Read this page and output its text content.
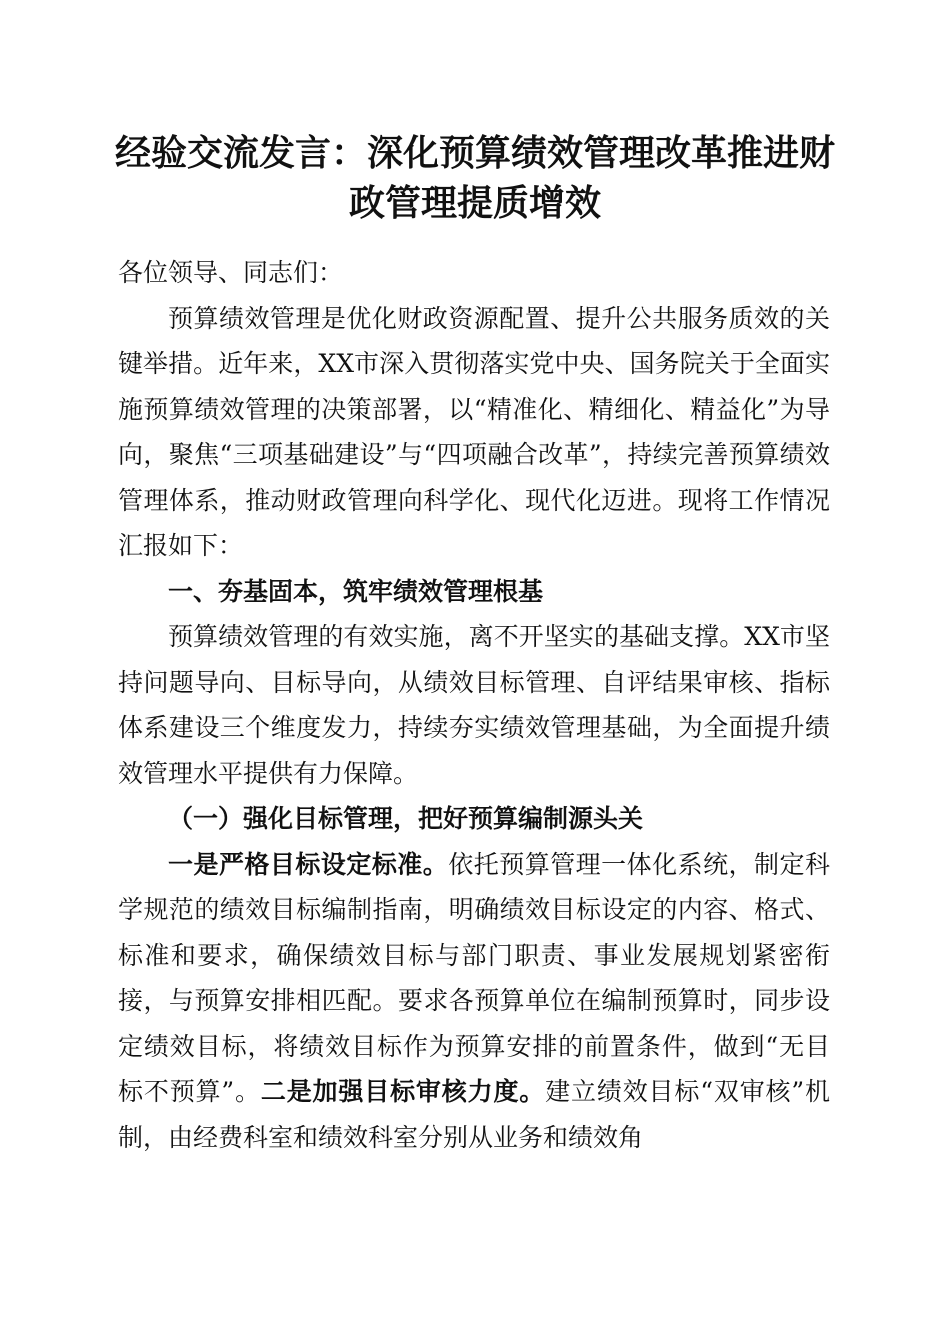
经验交流发言：深化预算绩效管理改革推进财
政管理提质增效

各位领导、同志们：

预算绩效管理是优化财政资源配置、提升公共服务质效的关键举措。近年来，XX市深入贯彻落实党中央、国务院关于全面实施预算绩效管理的决策部署，以“精准化、精细化、精益化”为导向，聚焦“三项基础建设”与“四项融合改革”，持续完善预算绩效管理体系，推动财政管理向科学化、现代化迈进。现将工作情况汇报如下：

一、夯基固本，筑牢绩效管理根基

预算绩效管理的有效实施，离不开坚实的基础支撑。XX市坚持问题导向、目标导向，从绩效目标管理、自评结果审核、指标体系建设三个维度发力，持续夯实绩效管理基础，为全面提升绩效管理水平提供有力保障。

（一）强化目标管理，把好预算编制源头关

一是严格目标设定标准。依托预算管理一体化系统，制定科学规范的绩效目标编制指南，明确绩效目标设定的内容、格式、标准和要求，确保绩效目标与部门职责、事业发展规划紧密衔接，与预算安排相匹配。要求各预算单位在编制预算时，同步设定绩效目标，将绩效目标作为预算安排的前置条件，做到“无目标不预算”。二是加强目标审核力度。建立绩效目标“双审核”机制，由经费科室和绩效科室分别从业务和绩效角
